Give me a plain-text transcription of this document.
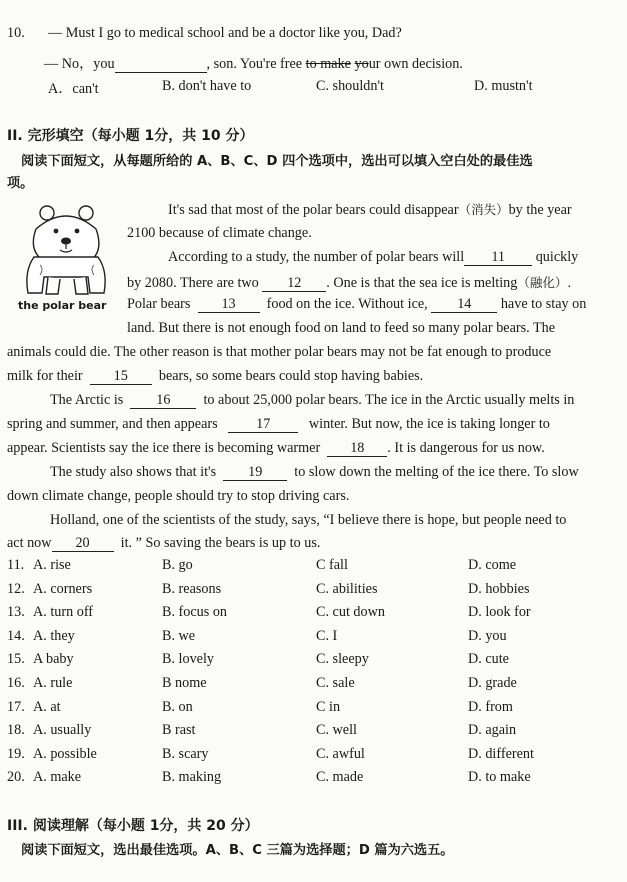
10. — Must I go to medical school and be a doctor like you, Dad?
— No，you	, son. You're free to make your own decision.
A．can't	B. don't have to	C. shouldn't	D. mustn't
II. 完形填空（每小题 1分，共 10 分）
阅读下面短文，从每题所给的 A、B、C、D 四个选项中，选出可以填入空白处的最佳选
项。
the polar bear
It's sad that most of the polar bears could disappear（消失）by the year
2100 because of climate change.
According to a study, the number of polar bears will 11 quickly
by 2080. There are two 12 . One is that the sea ice is melting（融化）.
Polar bears 13 food on the ice. Without ice, 14 have to stay on
land. But there is not enough food on land to feed so many polar bears. The
animals could die. The other reason is that mother polar bears may not be fat enough to produce
milk for their 15 bears, so some bears could stop having babies.
The Arctic is 16 to about 25,000 polar bears. The ice in the Arctic usually melts in
spring and summer, and then appears	17	winter. But now, the ice is taking longer to
appear. Scientists say the ice there is becoming warmer 18 . It is dangerous for us now.
The study also shows that it's 19 to slow down the melting of the ice there. To slow
down climate change, people should try to stop driving cars.
Holland, one of the scientists of the study, says, “I believe there is hope, but people need to
act now 20 it. ” So saving the bears is up to us.
11. A. rise	B. go	C fall	D. come
12. A. corners	B. reasons	C. abilities	D. hobbies
13. A. turn off	B. focus on	C. cut down	D. look for
14. A. they	B. we	C. I	D. you
15. A baby	B. lovely	C. sleepy	D. cute
16. A. rule	B nome	C. sale	D. grade
17. A. at	B. on	C in	D. from
18. A. usually	B rast	C. well	D. again
19. A. possible	B. scary	C. awful	D. different
20. A. make	B. making	C. made	D. to make
III. 阅读理解（每小题 1分，共 20 分）
阅读下面短文，选出最佳选项。A、B、C 三篇为选择题；D 篇为六选五。
